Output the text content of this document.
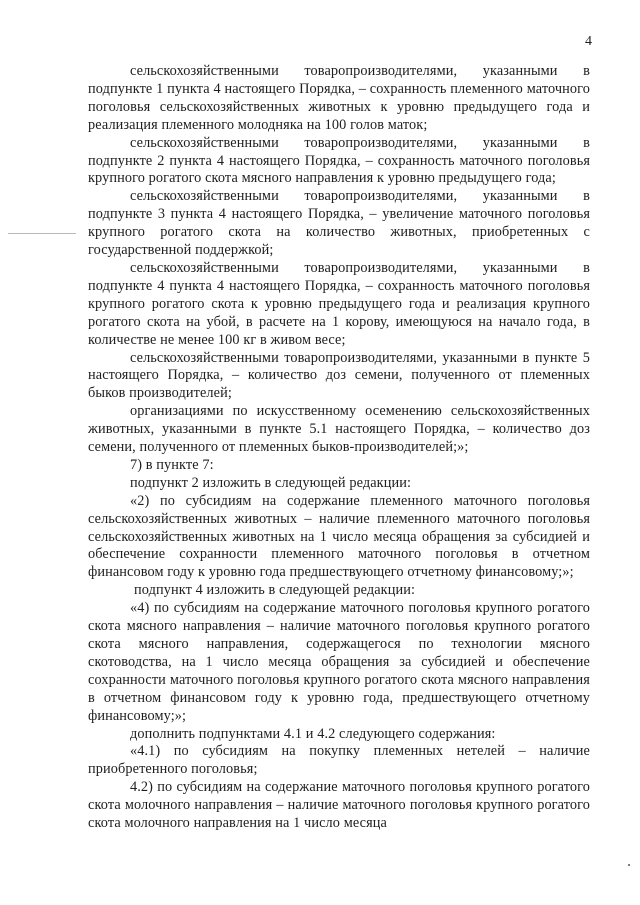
4

сельскохозяйственными товаропроизводителями, указанными в подпункте 1 пункта 4 настоящего Порядка, – сохранность племенного маточного поголовья сельскохозяйственных животных к уровню предыдущего года и реализация племенного молодняка на 100 голов маток;

сельскохозяйственными товаропроизводителями, указанными в подпункте 2 пункта 4 настоящего Порядка, – сохранность маточного поголовья крупного рогатого скота мясного направления к уровню предыдущего года;

сельскохозяйственными товаропроизводителями, указанными в подпункте 3 пункта 4 настоящего Порядка, – увеличение маточного поголовья крупного рогатого скота на количество животных, приобретенных с государственной поддержкой;

сельскохозяйственными товаропроизводителями, указанными в подпункте 4 пункта 4 настоящего Порядка, – сохранность маточного поголовья крупного рогатого скота к уровню предыдущего года и реализация крупного рогатого скота на убой, в расчете на 1 корову, имеющуюся на начало года, в количестве не менее 100 кг в живом весе;

сельскохозяйственными товаропроизводителями, указанными в пункте 5 настоящего Порядка, – количество доз семени, полученного от племенных быков производителей;

организациями по искусственному осеменению сельскохозяйственных животных, указанными в пункте 5.1 настоящего Порядка, – количество доз семени, полученного от племенных быков-производителей;»;

7) в пункте 7:

подпункт 2 изложить в следующей редакции:

«2) по субсидиям на содержание племенного маточного поголовья сельскохозяйственных животных – наличие племенного маточного поголовья сельскохозяйственных животных на 1 число месяца обращения за субсидией и обеспечение сохранности племенного маточного поголовья в отчетном финансовом году к уровню года предшествующего отчетному финансовому;»;

подпункт 4 изложить в следующей редакции:

«4) по субсидиям на содержание маточного поголовья крупного рогатого скота мясного направления – наличие маточного поголовья крупного рогатого скота мясного направления, содержащегося по технологии мясного скотоводства, на 1 число месяца обращения за субсидией и обеспечение сохранности маточного поголовья крупного рогатого скота мясного направления в отчетном финансовом году к уровню года, предшествующего отчетному финансовому;»;

дополнить подпунктами 4.1 и 4.2 следующего содержания:

«4.1) по субсидиям на покупку племенных нетелей – наличие приобретенного поголовья;

4.2) по субсидиям на содержание маточного поголовья крупного рогатого скота молочного направления – наличие маточного поголовья крупного рогатого скота молочного направления на 1 число месяца
